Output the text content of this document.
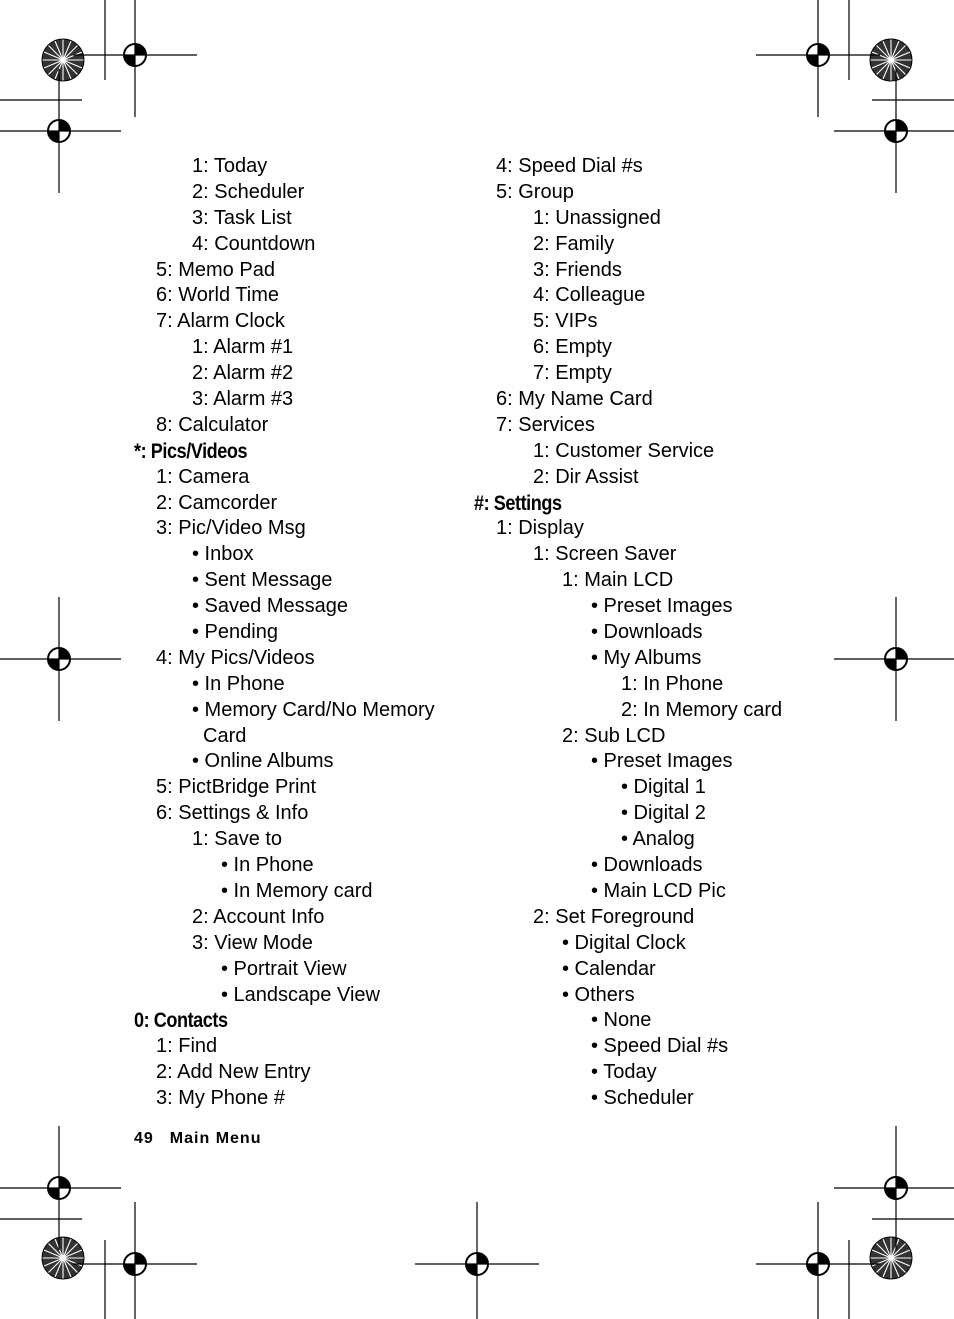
1: Today
2: Scheduler
3: Task List
4: Countdown
5: Memo Pad
6: World Time
7: Alarm Clock
1: Alarm #1
2: Alarm #2
3: Alarm #3
8: Calculator
*: Pics/Videos
1: Camera
2: Camcorder
3: Pic/Video Msg
• Inbox
• Sent Message
• Saved Message
• Pending
4: My Pics/Videos
• In Phone
• Memory Card/No Memory
Card
• Online Albums
5: PictBridge Print
6: Settings & Info
1: Save to
• In Phone
• In Memory card
2: Account Info
3: View Mode
• Portrait View
• Landscape View
0: Contacts
1: Find
2: Add New Entry
3: My Phone #
4: Speed Dial #s
5: Group
1: Unassigned
2: Family
3: Friends
4: Colleague
5: VIPs
6: Empty
7: Empty
6: My Name Card
7: Services
1: Customer Service
2: Dir Assist
#: Settings
1: Display
1: Screen Saver
1: Main LCD
• Preset Images
• Downloads
• My Albums
1: In Phone
2: In Memory card
2: Sub LCD
• Preset Images
• Digital 1
• Digital 2
• Analog
• Downloads
• Main LCD Pic
2: Set Foreground
• Digital Clock
• Calendar
• Others
• None
• Speed Dial #s
• Today
• Scheduler
49 Main Menu
